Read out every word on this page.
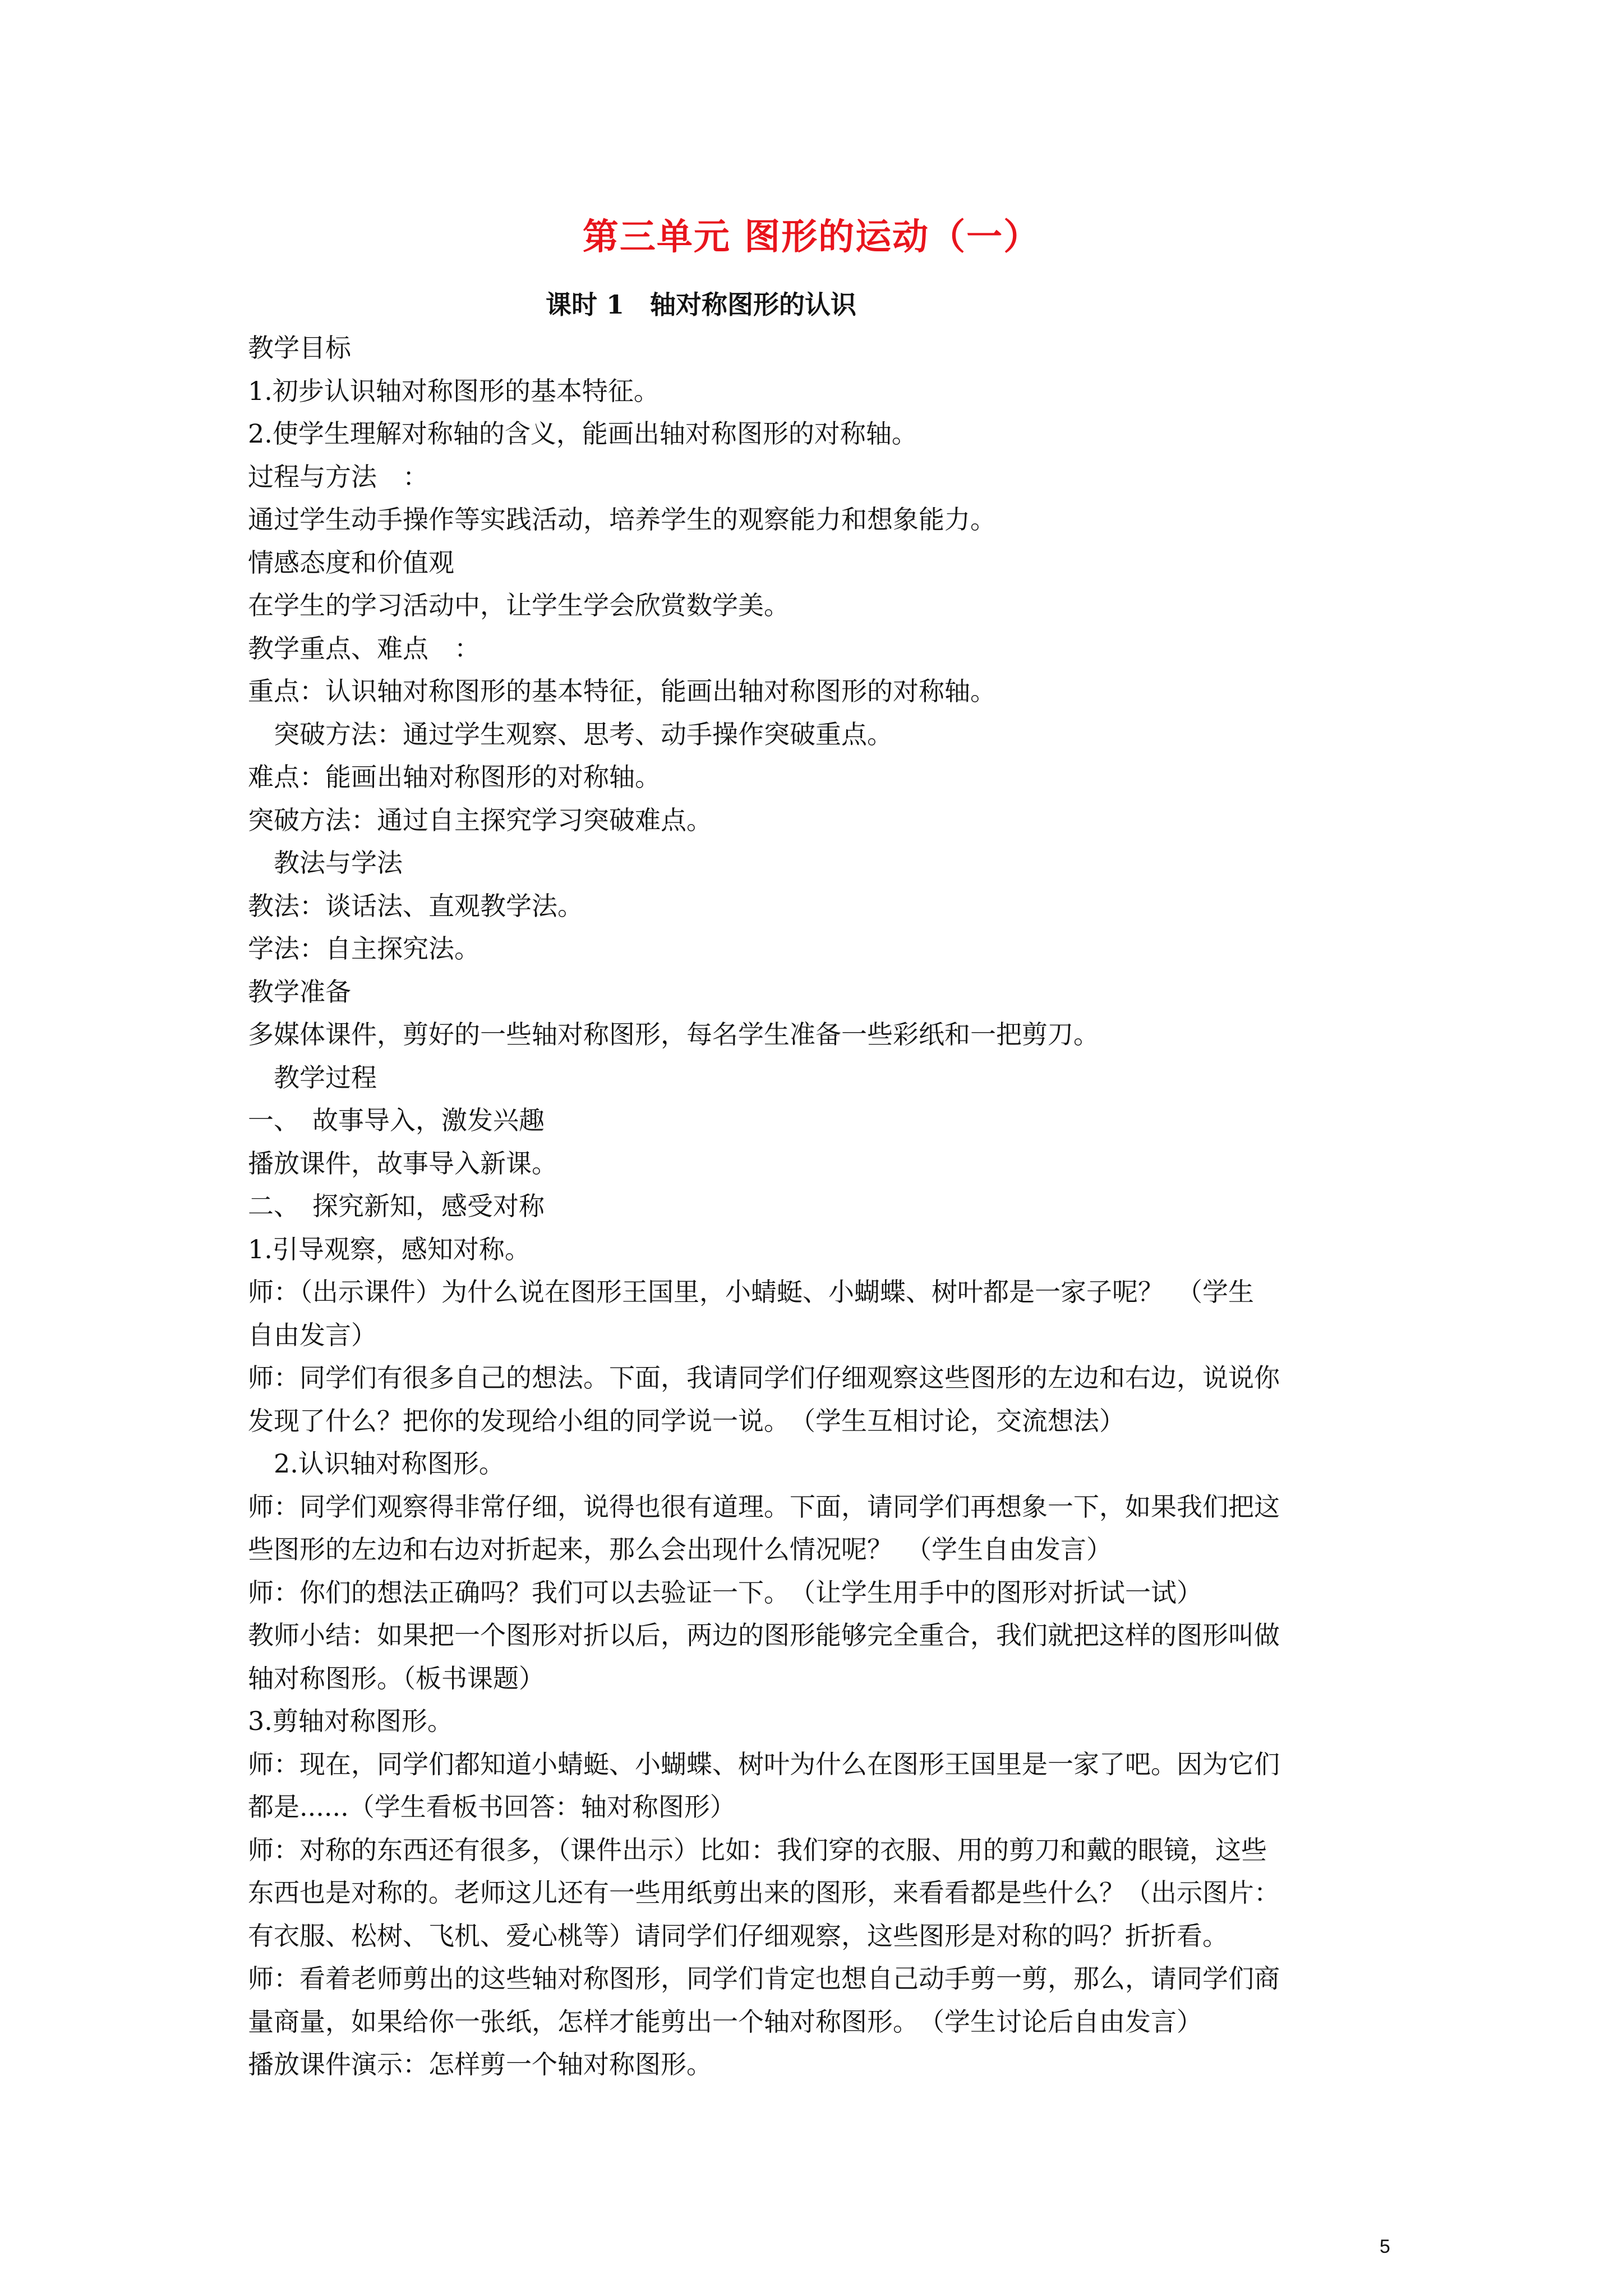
第三单元 图形的运动（一）
课时 1　轴对称图形的认识
教学目标
1.初步认识轴对称图形的基本特征。
2.使学生理解对称轴的含义，能画出轴对称图形的对称轴。
过程与方法　：
通过学生动手操作等实践活动，培养学生的观察能力和想象能力。
情感态度和价值观
在学生的学习活动中，让学生学会欣赏数学美。
教学重点、难点　：
重点：认识轴对称图形的基本特征，能画出轴对称图形的对称轴。
突破方法：通过学生观察、思考、动手操作突破重点。
难点：能画出轴对称图形的对称轴。
突破方法：通过自主探究学习突破难点。
教法与学法
教法：谈话法、直观教学法。
学法：自主探究法。
教学准备
多媒体课件，剪好的一些轴对称图形，每名学生准备一些彩纸和一把剪刀。
教学过程
一、　故事导入，激发兴趣
播放课件，故事导入新课。
二、　探究新知，感受对称
1.引导观察，感知对称。
师：（出示课件）为什么说在图形王国里，小蜻蜓、小蝴蝶、树叶都是一家子呢？　（学生
自由发言）
师：同学们有很多自己的想法。下面，我请同学们仔细观察这些图形的左边和右边，说说你
发现了什么？把你的发现给小组的同学说一说。　（学生互相讨论，交流想法）
2.认识轴对称图形。
师：同学们观察得非常仔细，说得也很有道理。下面，请同学们再想象一下，如果我们把这
些图形的左边和右边对折起来，那么会出现什么情况呢？　（学生自由发言）
师：你们的想法正确吗？我们可以去验证一下。　（让学生用手中的图形对折试一试）
教师小结：如果把一个图形对折以后，两边的图形能够完全重合，我们就把这样的图形叫做
轴对称图形。（板书课题）
3.剪轴对称图形。
师：现在，同学们都知道小蜻蜓、小蝴蝶、树叶为什么在图形王国里是一家了吧。因为它们
都是......（学生看板书回答：轴对称图形）
师：对称的东西还有很多，（课件出示）比如：我们穿的衣服、用的剪刀和戴的眼镜，这些
东西也是对称的。老师这儿还有一些用纸剪出来的图形，来看看都是些什么？（出示图片：
有衣服、松树、飞机、爱心桃等）请同学们仔细观察，这些图形是对称的吗？折折看。
师：看着老师剪出的这些轴对称图形，同学们肯定也想自己动手剪一剪，那么，请同学们商
量商量，如果给你一张纸，怎样才能剪出一个轴对称图形。　（学生讨论后自由发言）
播放课件演示：怎样剪一个轴对称图形。
5
